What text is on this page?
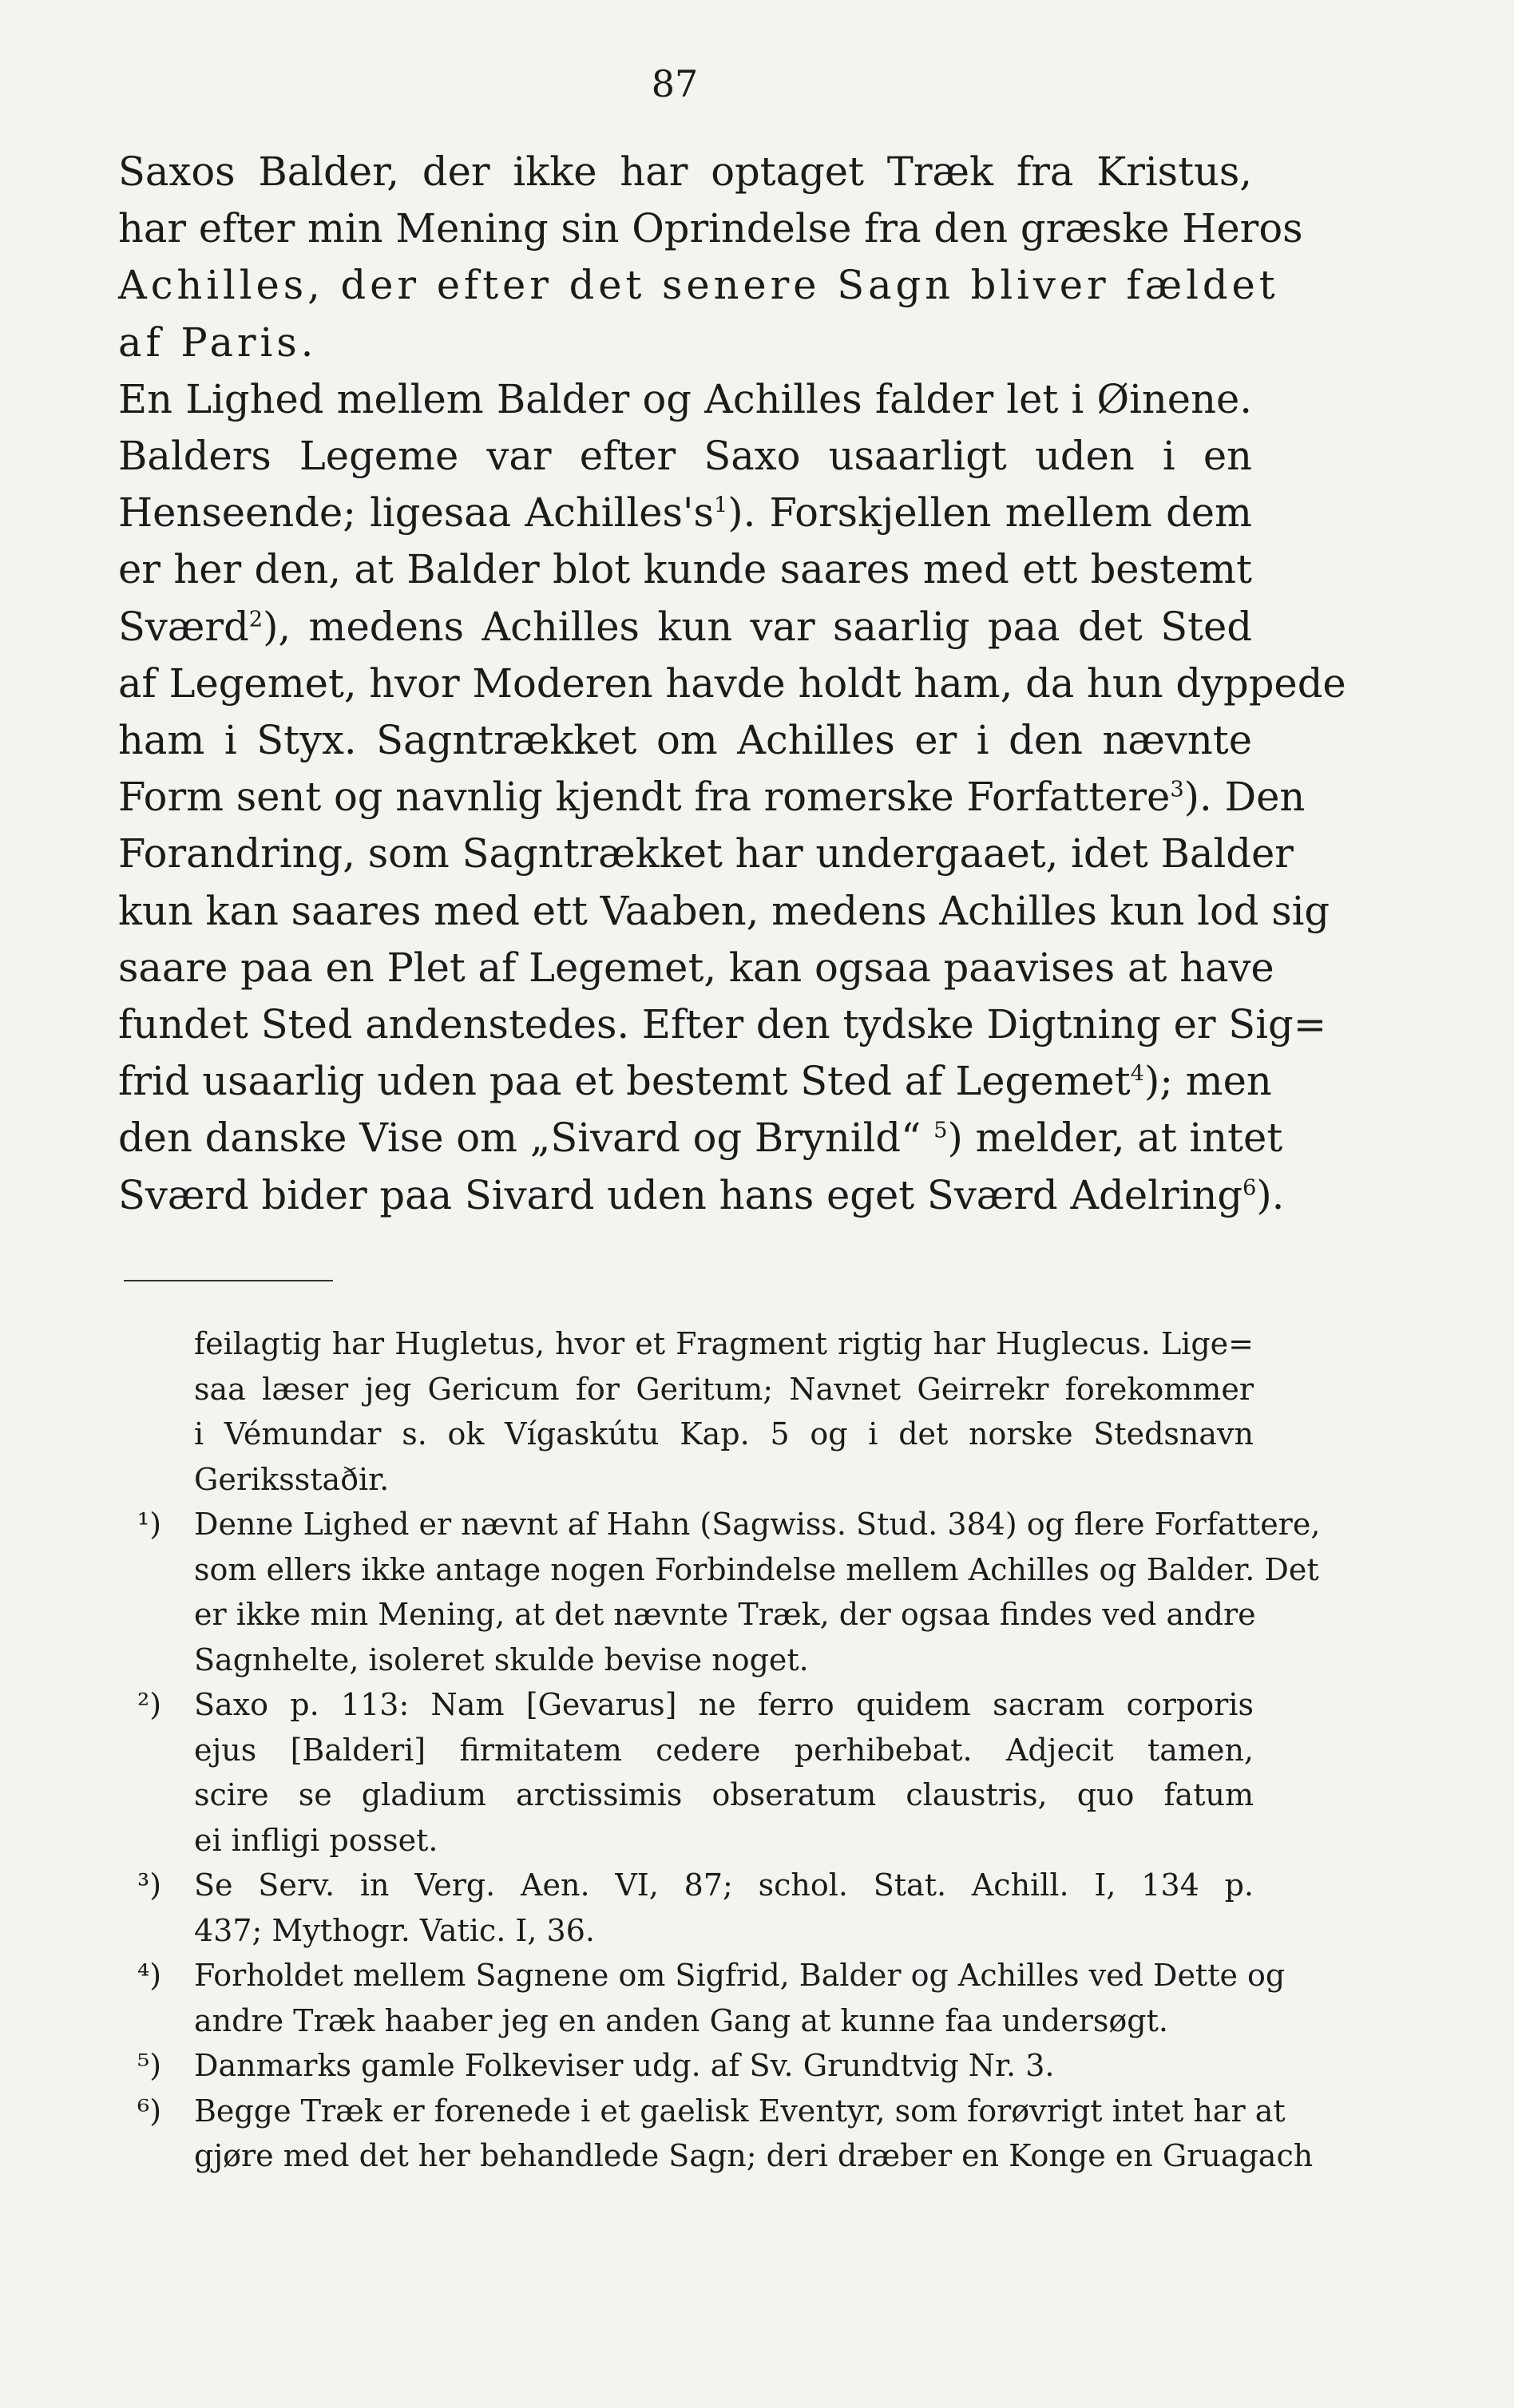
87
Saxos Balder, der ikke har optaget Træk fra Kristus,
har efter min Mening sin Oprindelse fra den græske Heros
Achilles, der efter det senere Sagn bliver fældet
af Paris.
En Lighed mellem Balder og Achilles falder let i Øinene.
Balders Legeme var efter Saxo usaarligt uden i en
Henseende; ligesaa $Achilles's^1$). Forskjellen mellem dem
er her den, at Balder blot kunde saares med ett bestemt
Sværd$^2$), medens Achilles kun var saarlig paa det Sted
af Legemet, hvor Moderen havde holdt ham, da hun dyppede
ham i Styx. Sagntrækket om Achilles er i den nævnte
Form sent og navnlig kjendt fra romerske Forfattere$^3$). Den
Forandring, som Sagntrækket har undergaaet, idet Balder
kun kan saares med ett Vaaben, medens Achilles kun lod sig
saare paa en Plet af Legemet, kan ogsaa paavises at have
fundet Sted andenstedes. Efter den tydske Digtning er Sig=
frid usaarlig uden paa et bestemt Sted af Legemet$^4$); men
den danske Vise om „Sivard og Brynild“ $^5$) melder, at intet
Sværd bider paa Sivard uden hans eget Sværd Adelring$^6$).
feilagtig har Hugletus, hvor et Fragment rigtig har Huglecus. Lige=
saa læser jeg Gericum for Geritum; Navnet Geirrekr forekommer
i Vémundar s. ok Vígaskútu Kap. 5 og i det norske Stedsnavn
Geriksstaðir.
¹) Denne Lighed er nævnt af Hahn (Sagwiss. Stud. 384) og flere Forfattere,
som ellers ikke antage nogen Forbindelse mellem Achilles og Balder. Det
er ikke min Mening, at det nævnte Træk, der ogsaa findes ved andre
Sagnhelte, isoleret skulde bevise noget.
²) Saxo p. 113: Nam [Gevarus] ne ferro quidem sacram corporis
ejus [Balderi] firmitatem cedere perhibebat. Adjecit tamen,
scire se gladium arctissimis obseratum claustris, quo fatum
ei infligi posset.
³) Se Serv. in Verg. Aen. VI, 87; schol. Stat. Achill. I, 134 p.
437; Mythogr. Vatic. I, 36.
⁴) Forholdet mellem Sagnene om Sigfrid, Balder og Achilles ved Dette og
andre Træk haaber jeg en anden Gang at kunne faa undersøgt.
⁵) Danmarks gamle Folkeviser udg. af Sv. Grundtvig Nr. 3.
⁶) Begge Træk er forenede i et gaelisk Eventyr, som forøvrigt intet har at
gjøre med det her behandlede Sagn; deri dræber en Konge en Gruagach
